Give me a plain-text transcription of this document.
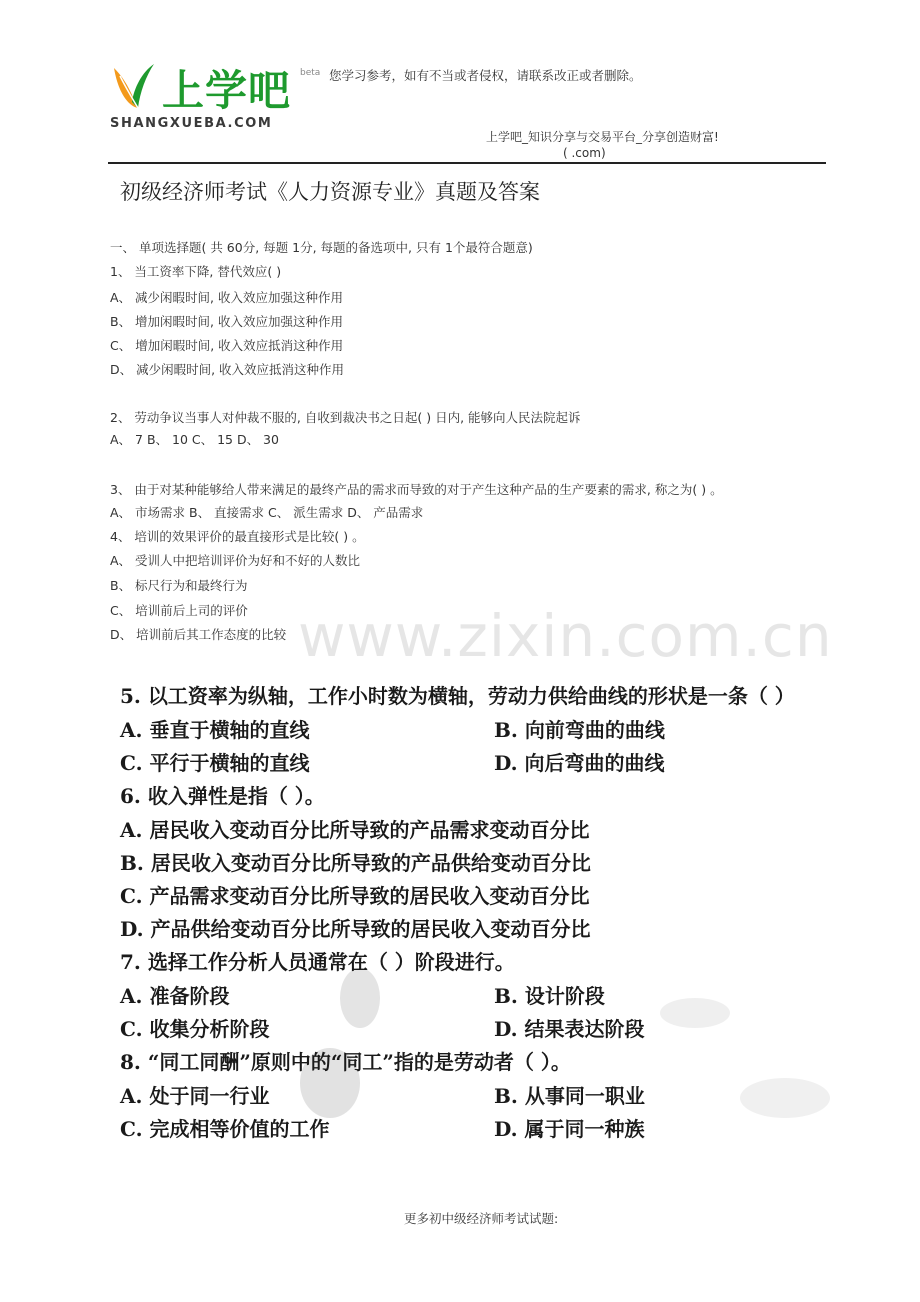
上学吧 beta
SHANGXUEBA.COM
您学习参考，如有不当或者侵权，请联系改正或者删除。
上学吧_知识分享与交易平台_分享创造财富!
( .com)
初级经济师考试《人力资源专业》真题及答案
一、 单项选择题( 共 60分, 每题 1分, 每题的备选项中, 只有 1个最符合题意)
1、 当工资率下降, 替代效应( )
A、 减少闲暇时间, 收入效应加强这种作用
B、 增加闲暇时间, 收入效应加强这种作用
C、 增加闲暇时间, 收入效应抵消这种作用
D、 减少闲暇时间, 收入效应抵消这种作用
2、 劳动争议当事人对仲裁不服的, 自收到裁决书之日起( ) 日内, 能够向人民法院起诉
A、 7 B、 10 C、 15 D、 30
3、 由于对某种能够给人带来满足的最终产品的需求而导致的对于产生这种产品的生产要素的需求, 称之为( ) 。
A、 市场需求 B、 直接需求 C、 派生需求 D、 产品需求
4、 培训的效果评价的最直接形式是比较( ) 。
A、 受训人中把培训评价为好和不好的人数比
B、 标尺行为和最终行为
C、 培训前后上司的评价
D、 培训前后其工作态度的比较 www.zixin.com.cn
5. 以工资率为纵轴，工作小时数为横轴，劳动力供给曲线的形状是一条（ ）
A. 垂直于横轴的直线	B. 向前弯曲的曲线
C. 平行于横轴的直线	D. 向后弯曲的曲线
6. 收入弹性是指（ ）。
A. 居民收入变动百分比所导致的产品需求变动百分比
B. 居民收入变动百分比所导致的产品供给变动百分比
C. 产品需求变动百分比所导致的居民收入变动百分比
D. 产品供给变动百分比所导致的居民收入变动百分比
7. 选择工作分析人员通常在（ ）阶段进行。
A. 准备阶段	B. 设计阶段
C. 收集分析阶段	D. 结果表达阶段
8. “同工同酬”原则中的“同工”指的是劳动者（ ）。
A. 处于同一行业	B. 从事同一职业
C. 完成相等价值的工作	D. 属于同一种族
更多初中级经济师考试试题:
